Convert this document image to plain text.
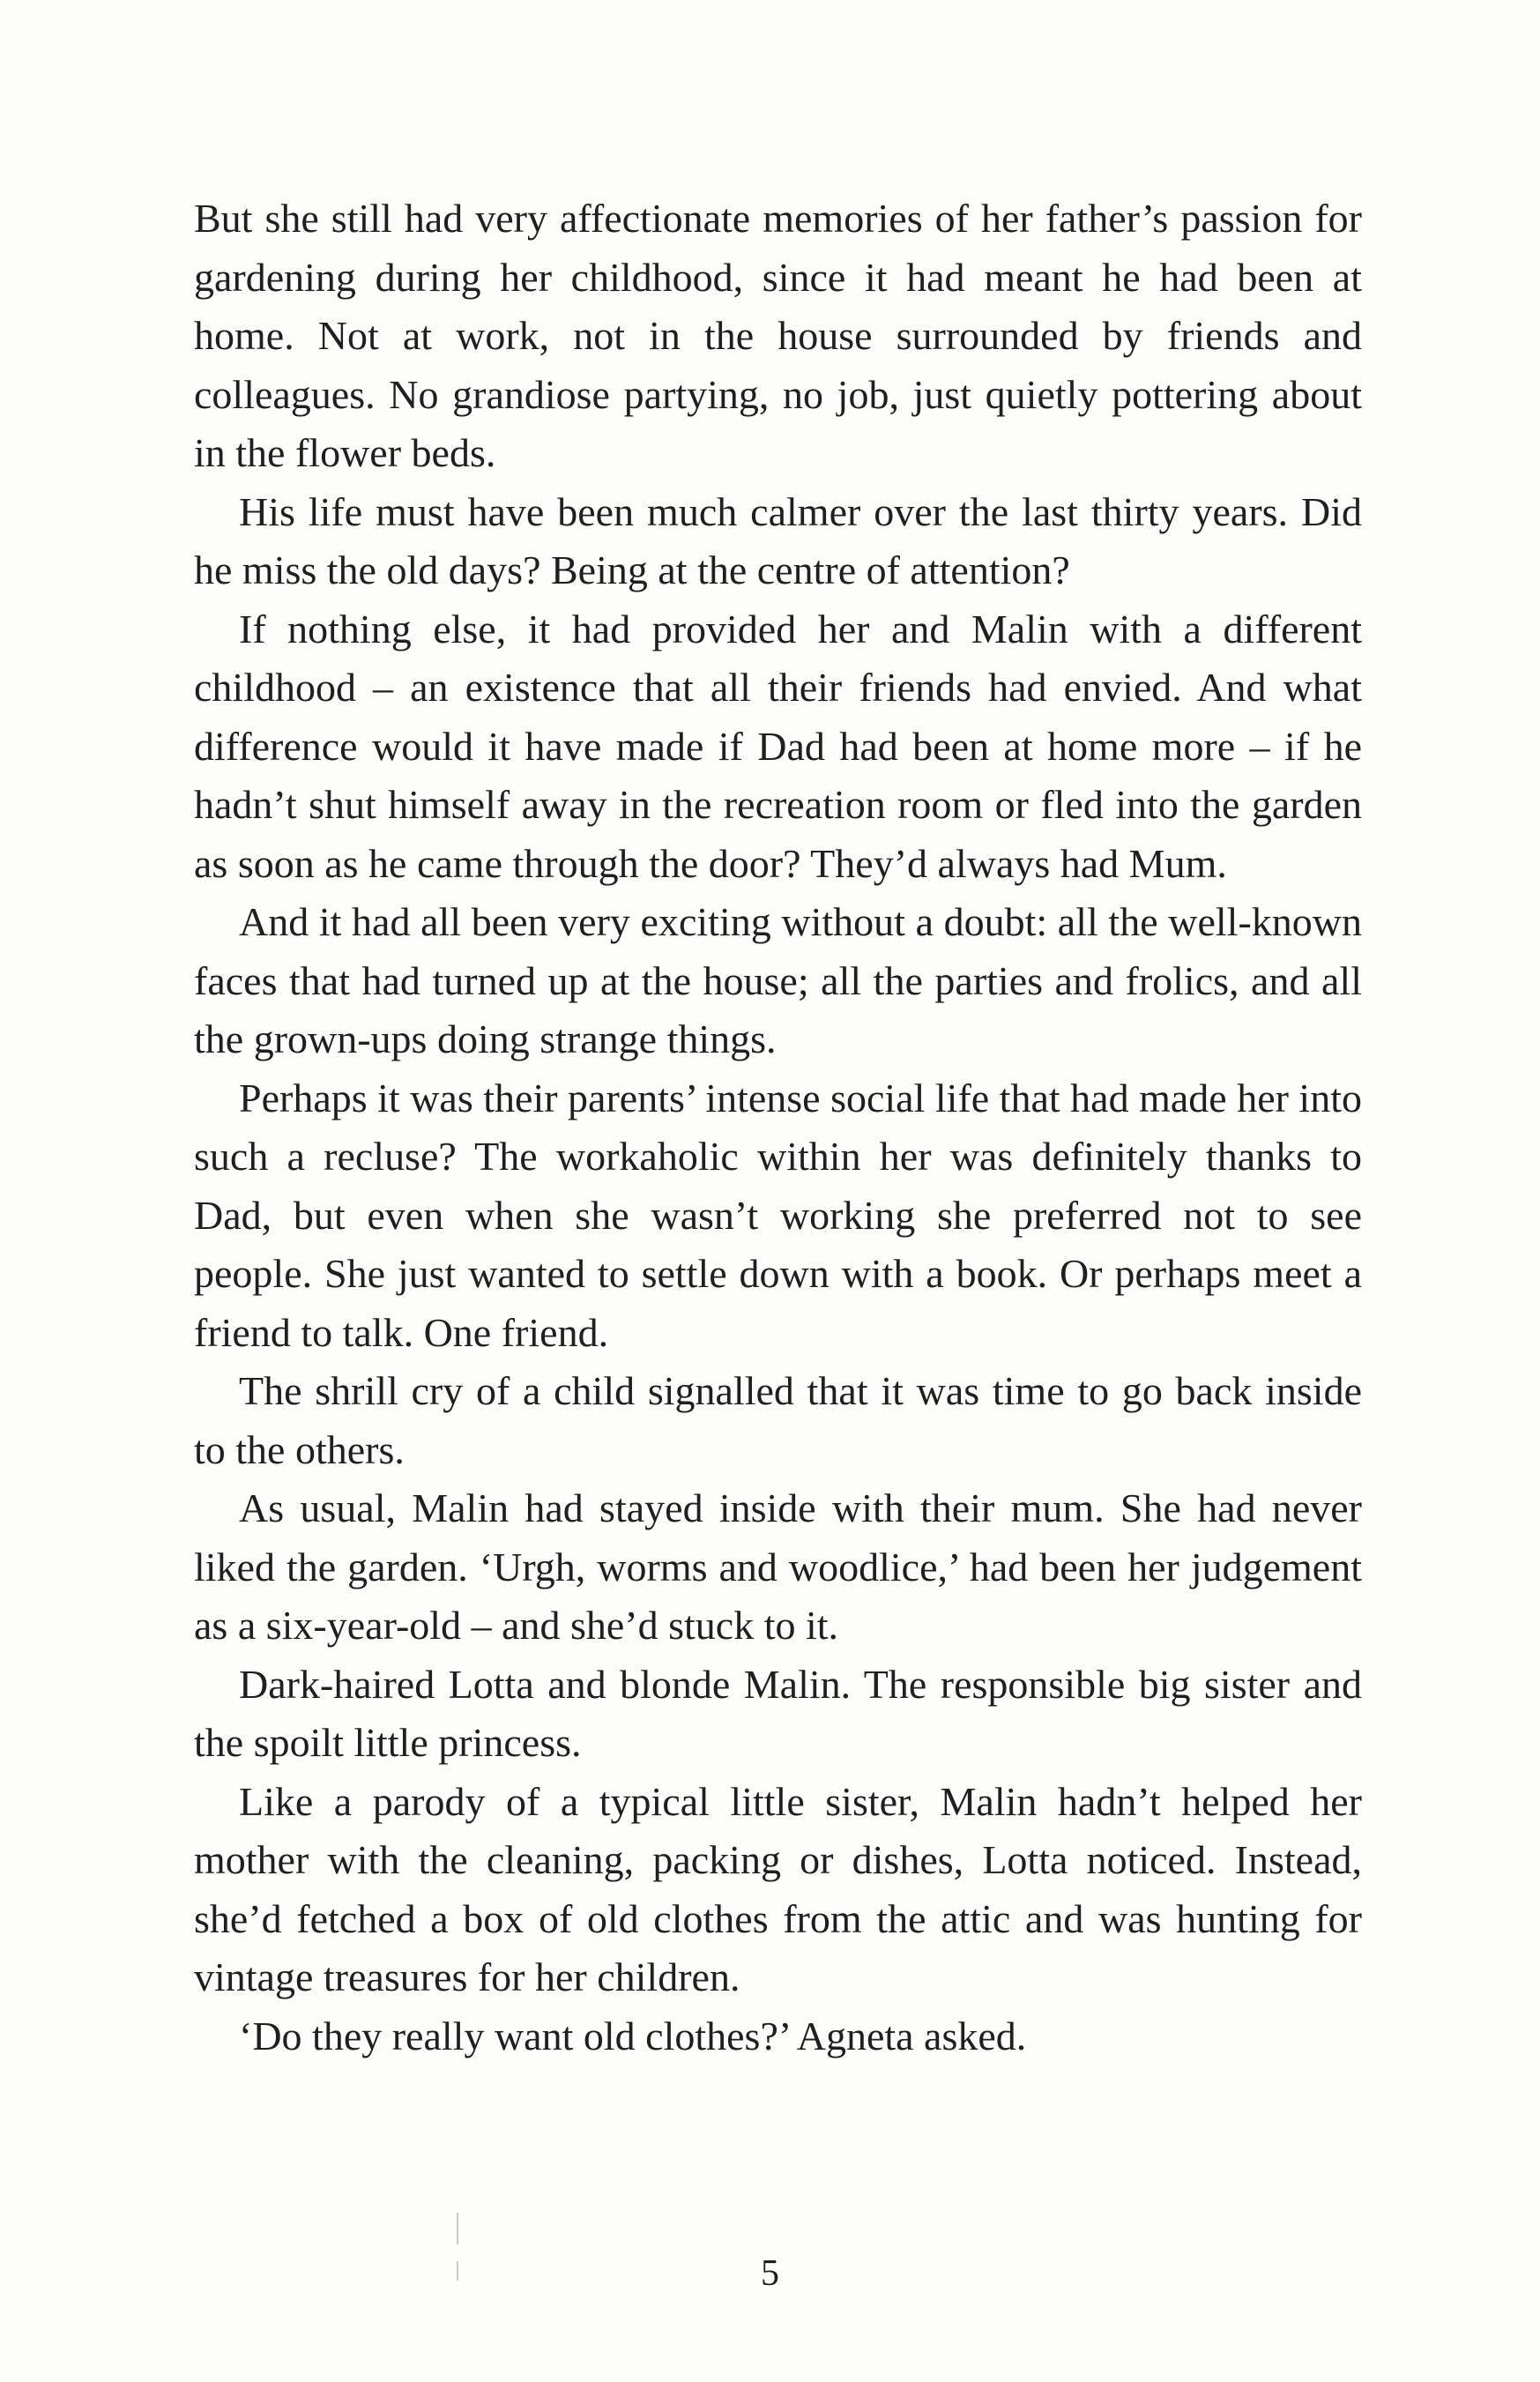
But she still had very affectionate memories of her father’s passion for gardening during her childhood, since it had meant he had been at home. Not at work, not in the house surrounded by friends and colleagues. No grandiose partying, no job, just quietly pottering about in the flower beds.

His life must have been much calmer over the last thirty years. Did he miss the old days? Being at the centre of attention?

If nothing else, it had provided her and Malin with a different childhood – an existence that all their friends had envied. And what difference would it have made if Dad had been at home more – if he hadn’t shut himself away in the recreation room or fled into the garden as soon as he came through the door? They’d always had Mum.

And it had all been very exciting without a doubt: all the well-known faces that had turned up at the house; all the parties and frolics, and all the grown-ups doing strange things.

Perhaps it was their parents’ intense social life that had made her into such a recluse? The workaholic within her was definitely thanks to Dad, but even when she wasn’t working she preferred not to see people. She just wanted to settle down with a book. Or perhaps meet a friend to talk. One friend.

The shrill cry of a child signalled that it was time to go back inside to the others.

As usual, Malin had stayed inside with their mum. She had never liked the garden. ‘Urgh, worms and woodlice,’ had been her judgement as a six-year-old – and she’d stuck to it.

Dark-haired Lotta and blonde Malin. The responsible big sister and the spoilt little princess.

Like a parody of a typical little sister, Malin hadn’t helped her mother with the cleaning, packing or dishes, Lotta noticed. Instead, she’d fetched a box of old clothes from the attic and was hunting for vintage treasures for her children.

‘Do they really want old clothes?’ Agneta asked.

5
